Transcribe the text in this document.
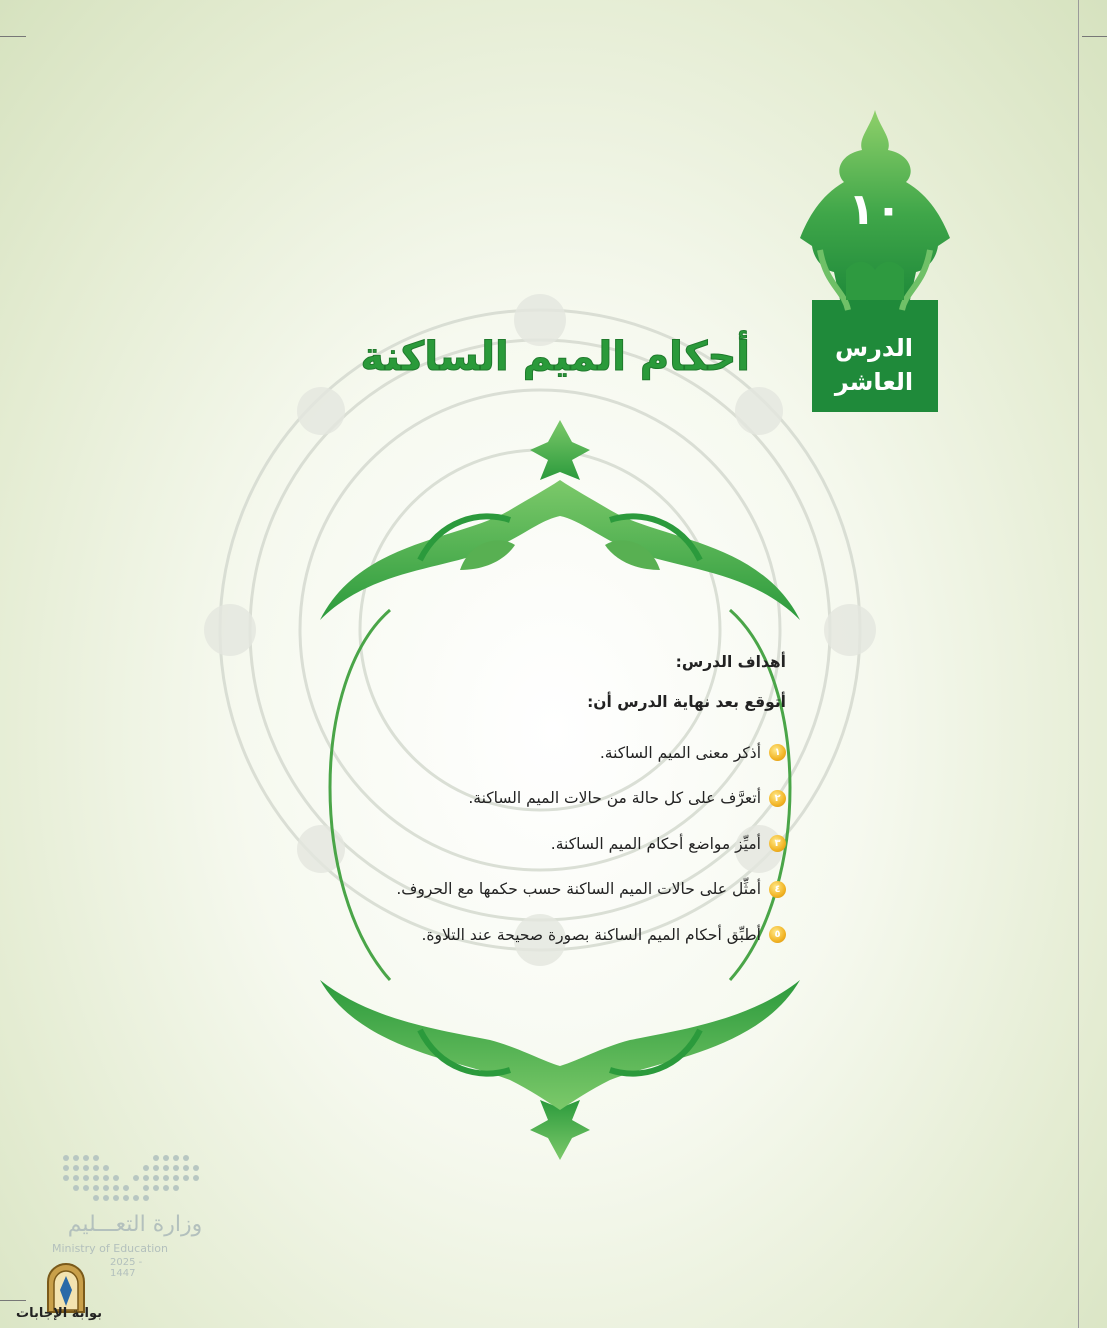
١٠
الدرس
العاشر
أحكام الميم الساكنة
أهداف الدرس:
أتوقع بعد نهاية الدرس أن:
١
أذكر معنى الميم الساكنة.
٢
أتعرَّف على كل حالة من حالات الميم الساكنة.
٣
أميِّز مواضع أحكام الميم الساكنة.
٤
أمثِّل على حالات الميم الساكنة حسب حكمها مع الحروف.
٥
أطبِّق أحكام الميم الساكنة بصورة صحيحة عند التلاوة.
وزارة التعـــليم
Ministry of Education
2025 - 1447
بوابة الإجابات
